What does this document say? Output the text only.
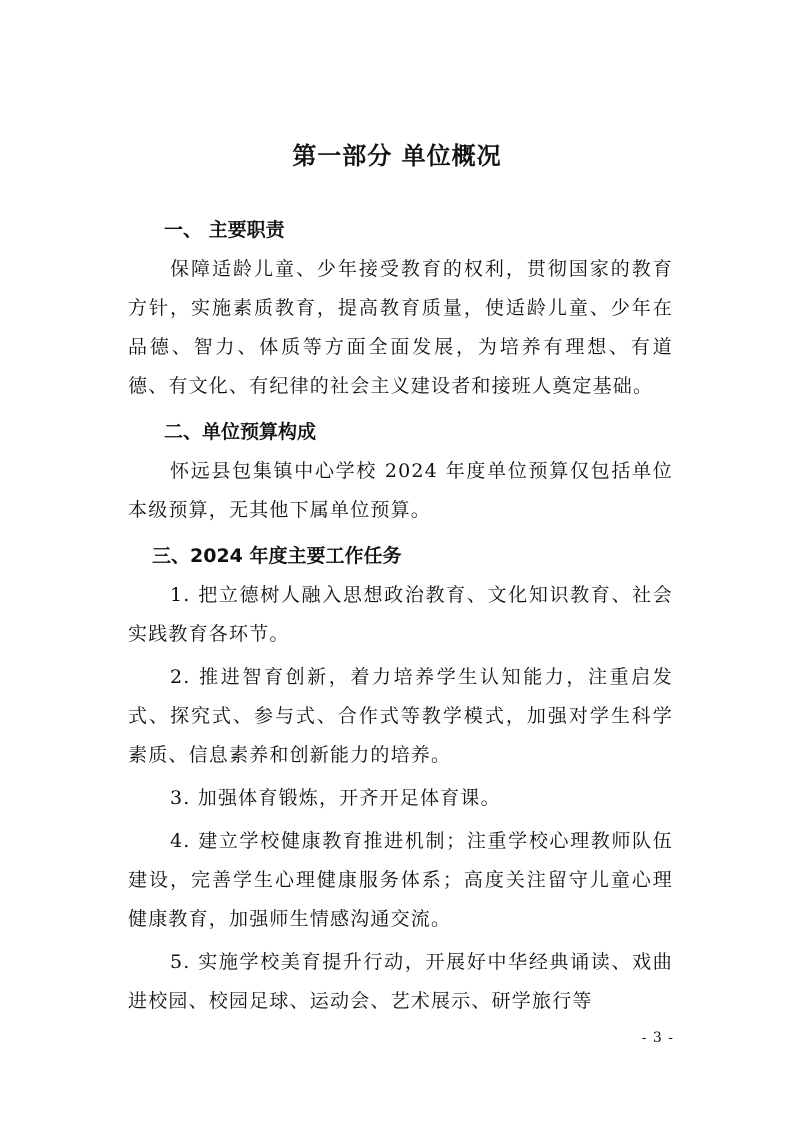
第一部分 单位概况
一、 主要职责

保障适龄儿童、少年接受教育的权利，贯彻国家的教育方针，实施素质教育，提高教育质量，使适龄儿童、少年在品德、智力、体质等方面全面发展，为培养有理想、有道德、有文化、有纪律的社会主义建设者和接班人奠定基础。

二、单位预算构成

怀远县包集镇中心学校 2024 年度单位预算仅包括单位本级预算，无其他下属单位预算。

三、2024 年度主要工作任务

1. 把立德树人融入思想政治教育、文化知识教育、社会实践教育各环节。

2. 推进智育创新，着力培养学生认知能力，注重启发式、探究式、参与式、合作式等教学模式，加强对学生科学素质、信息素养和创新能力的培养。

3. 加强体育锻炼，开齐开足体育课。

4. 建立学校健康教育推进机制；注重学校心理教师队伍建设，完善学生心理健康服务体系；高度关注留守儿童心理健康教育，加强师生情感沟通交流。

5. 实施学校美育提升行动，开展好中华经典诵读、戏曲进校园、校园足球、运动会、艺术展示、研学旅行等

- 3 -
